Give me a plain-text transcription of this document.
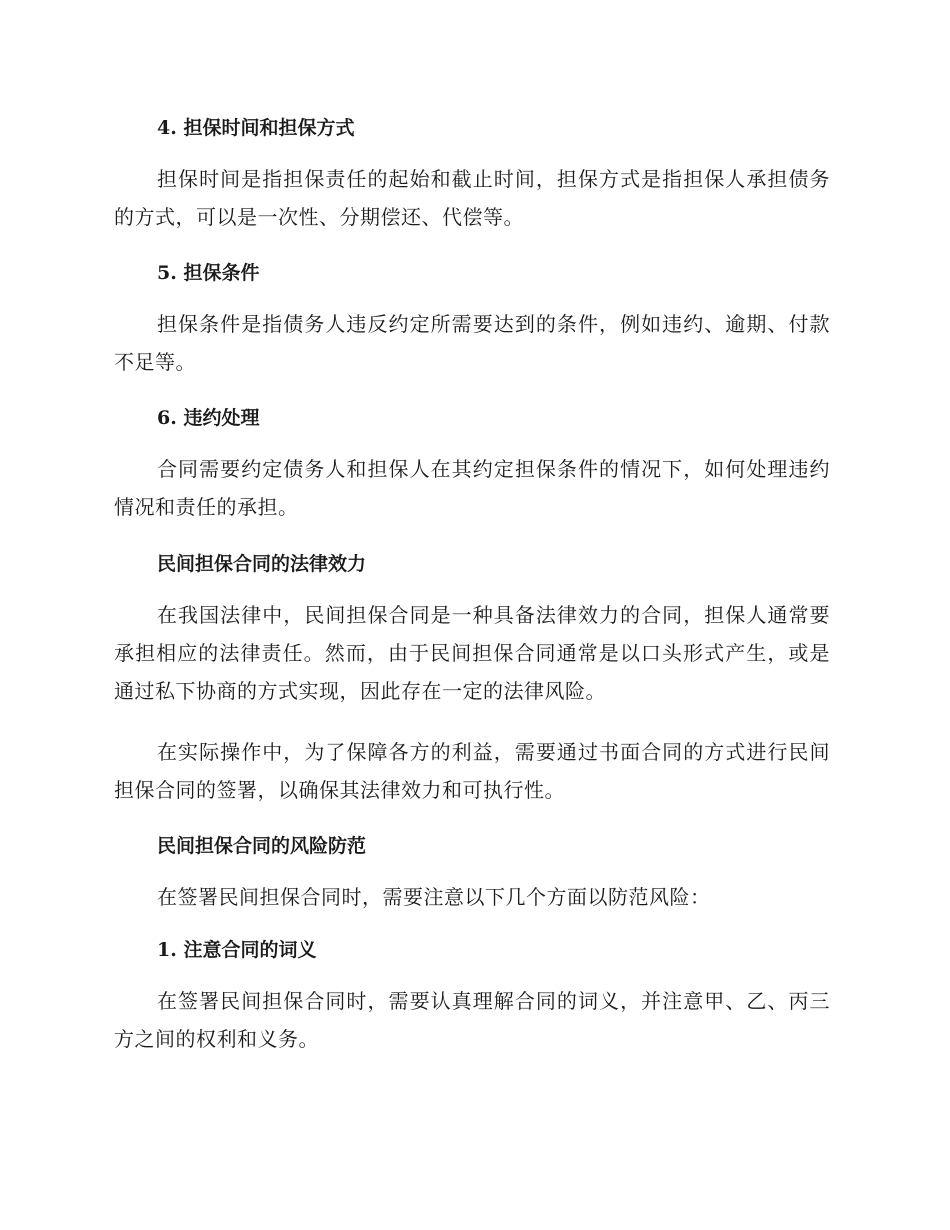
4. 担保时间和担保方式
担保时间是指担保责任的起始和截止时间，担保方式是指担保人承担债务的方式，可以是一次性、分期偿还、代偿等。
5. 担保条件
担保条件是指债务人违反约定所需要达到的条件，例如违约、逾期、付款不足等。
6. 违约处理
合同需要约定债务人和担保人在其约定担保条件的情况下，如何处理违约情况和责任的承担。
民间担保合同的法律效力
在我国法律中，民间担保合同是一种具备法律效力的合同，担保人通常要承担相应的法律责任。然而，由于民间担保合同通常是以口头形式产生，或是通过私下协商的方式实现，因此存在一定的法律风险。
在实际操作中，为了保障各方的利益，需要通过书面合同的方式进行民间担保合同的签署，以确保其法律效力和可执行性。
民间担保合同的风险防范
在签署民间担保合同时，需要注意以下几个方面以防范风险：
1. 注意合同的词义
在签署民间担保合同时，需要认真理解合同的词义，并注意甲、乙、丙三方之间的权利和义务。
